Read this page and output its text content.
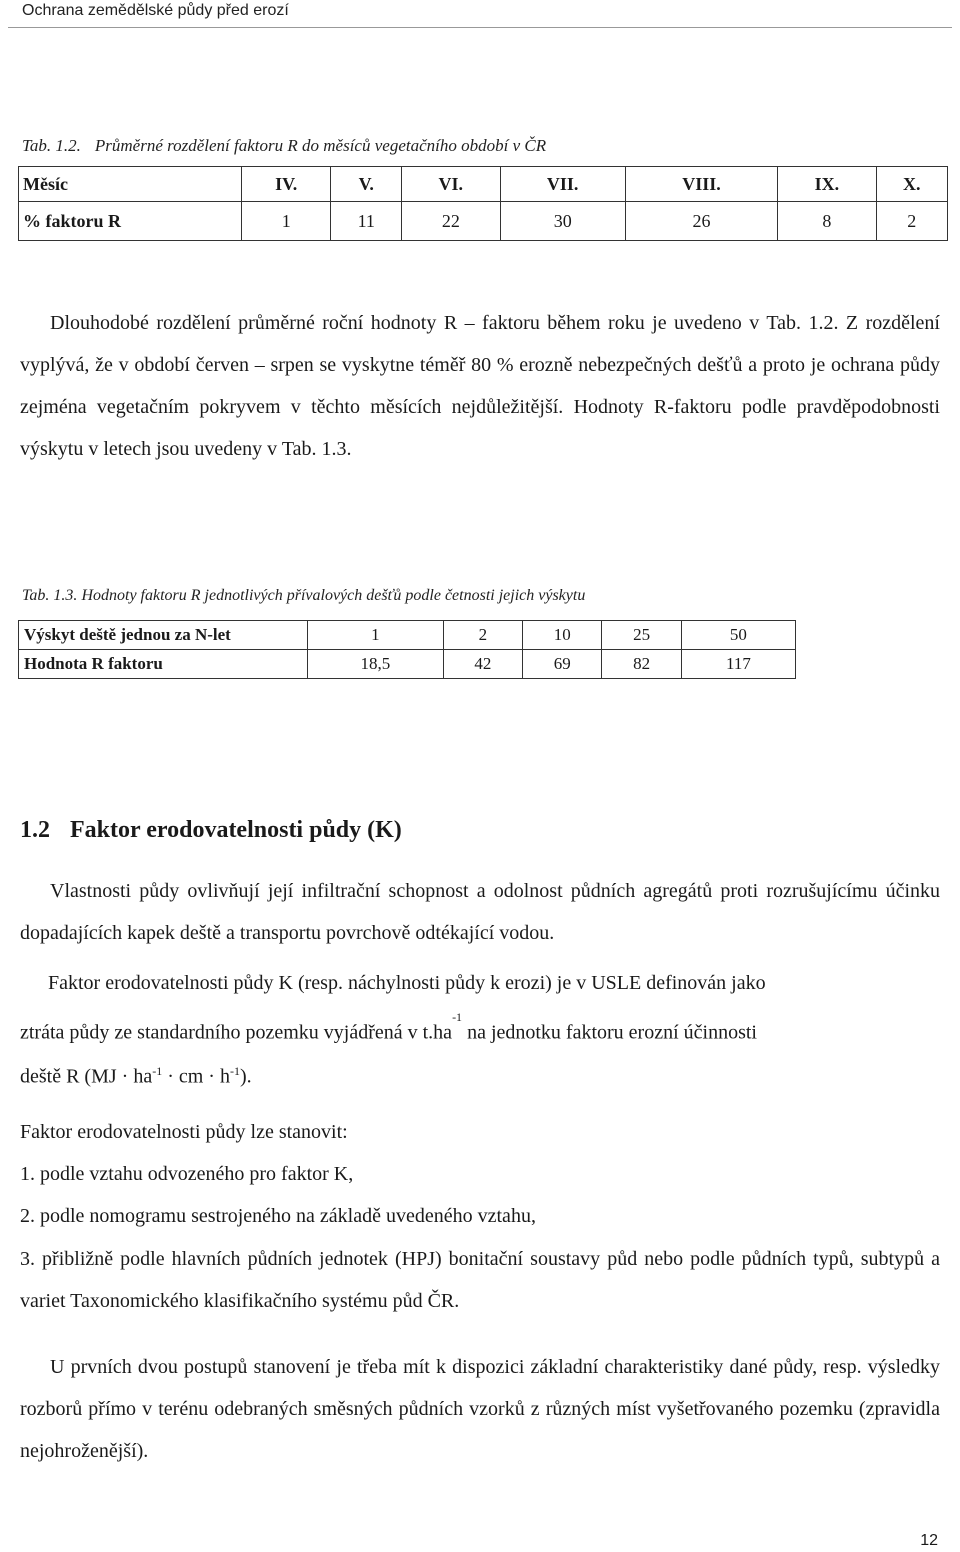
Ochrana zemědělské půdy před erozí
Tab. 1.2. Průměrné rozdělení faktoru R do měsíců vegetačního období v ČR
Měsíc	IV.	V.	VI.	VII.	VIII.	IX.	X.
% faktoru R	1	11	22	30	26	8	2

Dlouhodobé rozdělení průměrné roční hodnoty R – faktoru během roku je uvedeno v Tab. 1.2. Z rozdělení vyplývá, že v období červen – srpen se vyskytne téměř 80 % erozně nebezpečných dešťů a proto je ochrana půdy zejména vegetačním pokryvem v těchto měsících nejdůležitější. Hodnoty R-faktoru podle pravděpodobnosti výskytu v letech jsou uvedeny v Tab. 1.3.

Tab. 1.3. Hodnoty faktoru R jednotlivých přívalových dešťů podle četnosti jejich výskytu
Výskyt deště jednou za N-let	1	2	10	25	50
Hodnota R faktoru	18,5	42	69	82	117
1.2 Faktor erodovatelnosti půdy (K)

Vlastnosti půdy ovlivňují její infiltrační schopnost a odolnost půdních agregátů proti rozrušujícímu účinku dopadajících kapek deště a transportu povrchově odtékající vodou.

Faktor erodovatelnosti půdy K (resp. náchylnosti půdy k erozi) je v USLE definován jako

ztráta půdy ze standardního pozemku vyjádřená v $t.ha^{-1}$ na jednotku faktoru erozní účinnosti

deště R ($MJ \cdot ha^{-1}$ · cm · $h^{-1}$).

Faktor erodovatelnosti půdy lze stanovit:

1. podle vztahu odvozeného pro faktor K,

2. podle nomogramu sestrojeného na základě uvedeného vztahu,

3. přibližně podle hlavních půdních jednotek (HPJ) bonitační soustavy půd nebo podle půdních typů, subtypů a variet Taxonomického klasifikačního systému půd ČR.

U prvních dvou postupů stanovení je třeba mít k dispozici základní charakteristiky dané půdy, resp. výsledky rozborů přímo v terénu odebraných směsných půdních vzorků z různých míst vyšetřovaného pozemku (zpravidla nejohroženější).

12
